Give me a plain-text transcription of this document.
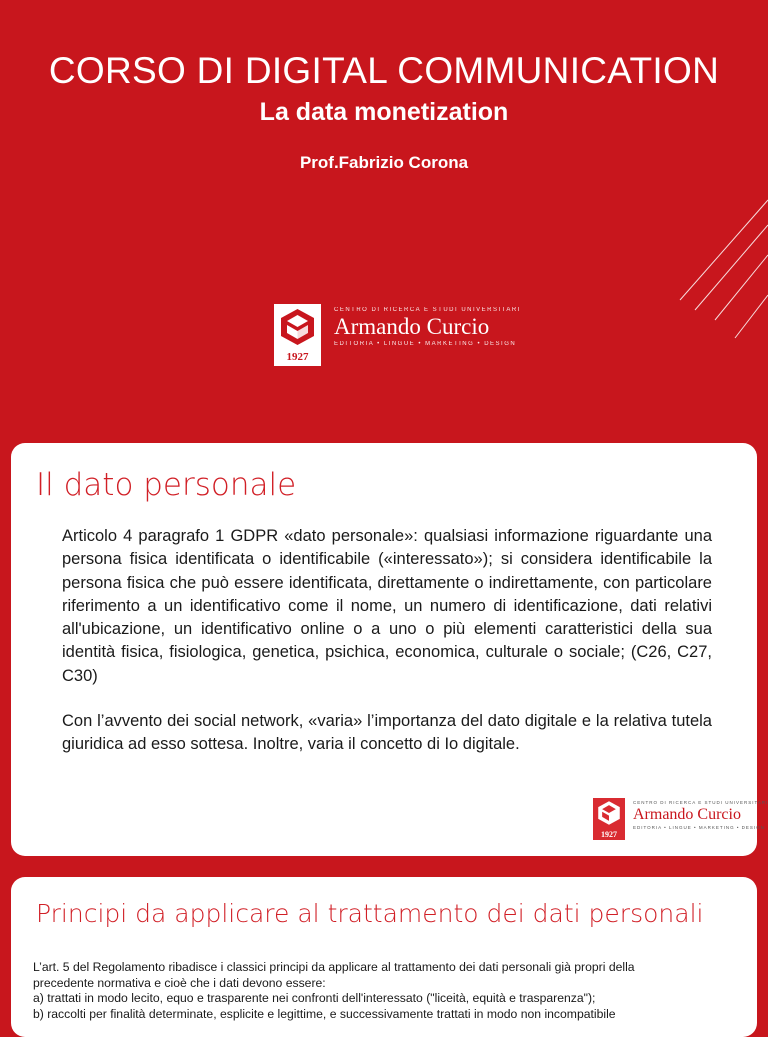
CORSO DI DIGITAL COMMUNICATION
La data monetization
Prof.Fabrizio Corona
1927
CENTRO DI RICERCA E STUDI UNIVERSITARI
Armando Curcio
EDITORIA • LINGUE • MARKETING • DESIGN
Il dato personale
Articolo 4 paragrafo 1 GDPR «dato personale»: qualsiasi informazione riguardante una persona fisica identificata o identificabile («interessato»); si considera identificabile la persona fisica che può essere identificata, direttamente o indirettamente, con particolare riferimento a un identificativo come il nome, un numero di identificazione, dati relativi all'ubicazione, un identificativo online o a uno o più elementi caratteristici della sua identità fisica, fisiologica, genetica, psichica, economica, culturale o sociale; (C26, C27, C30)
Con l’avvento dei social network, «varia» l’importanza del dato digitale e la relativa tutela giuridica ad esso sottesa. Inoltre, varia il concetto di Io digitale.
1927
CENTRO DI RICERCA E STUDI UNIVERSITARI
Armando Curcio
EDITORIA • LINGUE • MARKETING • DESIGN
Principi da applicare al trattamento dei dati personali
L’art. 5 del Regolamento ribadisce i classici principi da applicare al trattamento dei dati personali già propri della
precedente normativa e cioè che i dati devono essere:
a) trattati in modo lecito, equo e trasparente nei confronti dell'interessato ("liceità, equità e trasparenza");
b) raccolti per finalità determinate, esplicite e legittime, e successivamente trattati in modo non incompatibile
